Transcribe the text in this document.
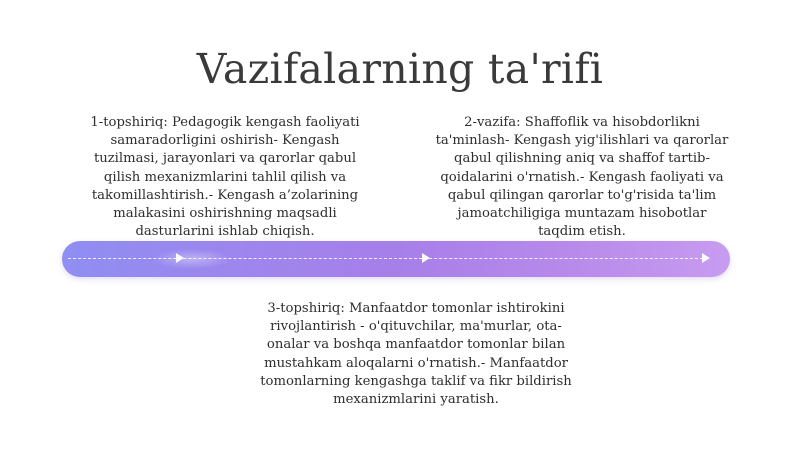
Vazifalarning ta'rifi
1-topshiriq: Pedagogik kengash faoliyati
samaradorligini oshirish- Kengash
tuzilmasi, jarayonlari va qarorlar qabul
qilish mexanizmlarini tahlil qilish va
takomillashtirish.- Kengash a’zolarining
malakasini oshirishning maqsadli
dasturlarini ishlab chiqish.
2-vazifa: Shaffoflik va hisobdorlikni
ta'minlash- Kengash yig'ilishlari va qarorlar
qabul qilishning aniq va shaffof tartib-
qoidalarini o'rnatish.- Kengash faoliyati va
qabul qilingan qarorlar to'g'risida ta'lim
jamoatchiligiga muntazam hisobotlar
taqdim etish.
3-topshiriq: Manfaatdor tomonlar ishtirokini
rivojlantirish - o'qituvchilar, ma'murlar, ota-
onalar va boshqa manfaatdor tomonlar bilan
mustahkam aloqalarni o'rnatish.- Manfaatdor
tomonlarning kengashga taklif va fikr bildirish
mexanizmlarini yaratish.
